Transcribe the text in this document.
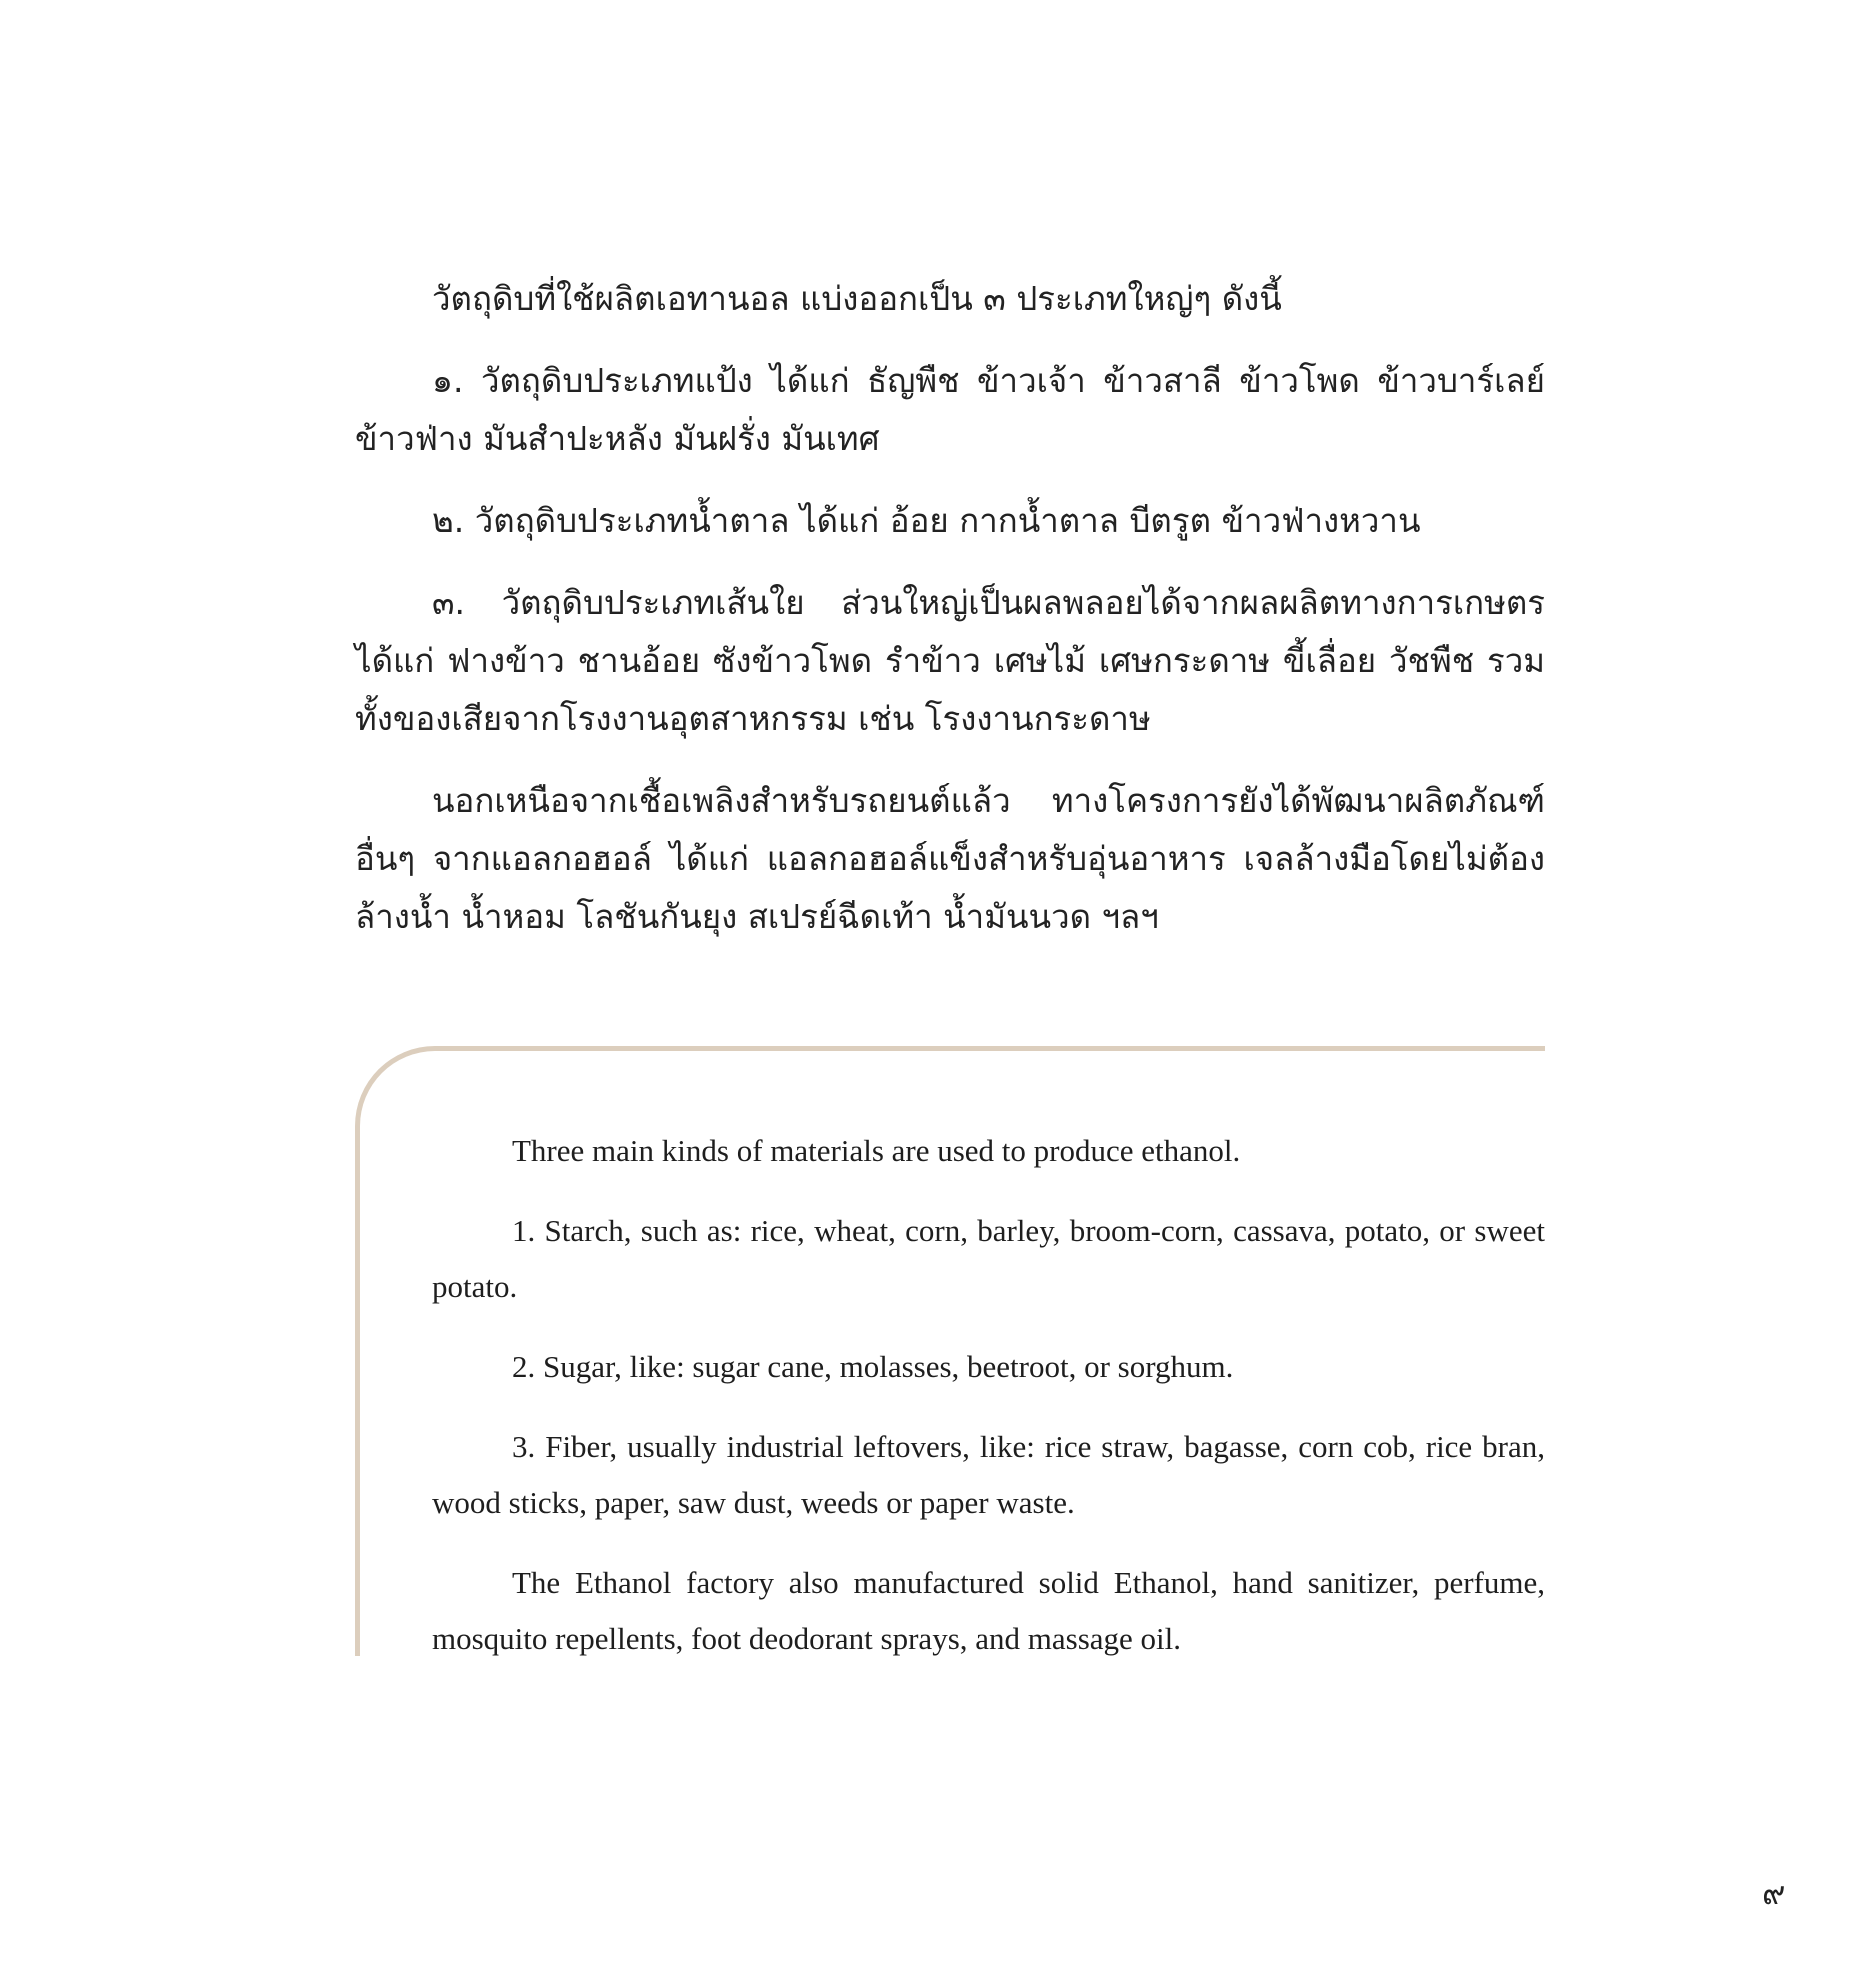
วัตถุดิบที่ใช้ผลิตเอทานอล แบ่งออกเป็น ๓ ประเภทใหญ่ๆ ดังนี้

๑. วัตถุดิบประเภทแป้ง ได้แก่ ธัญพืช ข้าวเจ้า ข้าวสาลี ข้าวโพด ข้าวบาร์เลย์ ข้าวฟ่าง มันสำปะหลัง มันฝรั่ง มันเทศ

๒. วัตถุดิบประเภทน้ำตาล ได้แก่ อ้อย กากน้ำตาล บีตรูต ข้าวฟ่างหวาน

๓. วัตถุดิบประเภทเส้นใย ส่วนใหญ่เป็นผลพลอยได้จากผลผลิตทางการเกษตร ได้แก่ ฟางข้าว ชานอ้อย ซังข้าวโพด รำข้าว เศษไม้ เศษกระดาษ ขี้เลื่อย วัชพืช รวมทั้งของเสียจากโรงงานอุตสาหกรรม เช่น โรงงานกระดาษ

นอกเหนือจากเชื้อเพลิงสำหรับรถยนต์แล้ว ทางโครงการยังได้พัฒนาผลิตภัณฑ์อื่นๆ จากแอลกอฮอล์ ได้แก่ แอลกอฮอล์แข็งสำหรับอุ่นอาหาร เจลล้างมือโดยไม่ต้องล้างน้ำ น้ำหอม โลชันกันยุง สเปรย์ฉีดเท้า น้ำมันนวด ฯลฯ

Three main kinds of materials are used to produce ethanol.

1. Starch, such as: rice, wheat, corn, barley, broom-corn, cassava, potato, or sweet potato.

2. Sugar, like: sugar cane, molasses, beetroot, or sorghum.

3. Fiber, usually industrial leftovers, like: rice straw, bagasse, corn cob, rice bran, wood sticks, paper, saw dust, weeds or paper waste.

The Ethanol factory also manufactured solid Ethanol, hand sanitizer, perfume, mosquito repellents, foot deodorant sprays, and massage oil.

๙
